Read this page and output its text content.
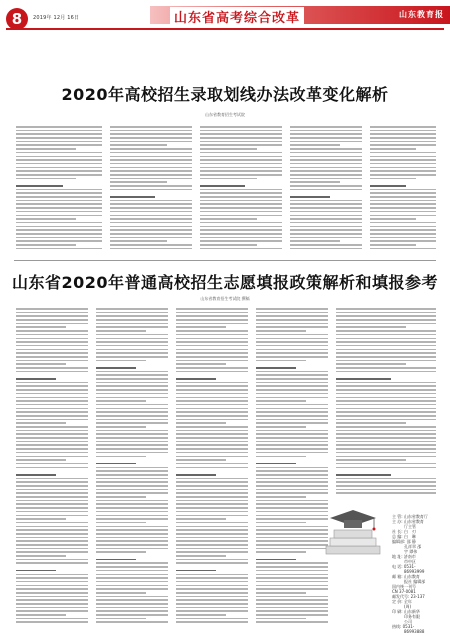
8	2019年 12月 16日	山东省高考综合改革	山东教育报
2020年高校招生录取划线办法改革变化解析
山东省教育招生考试院
山东省2020年普通高校招生志愿填报政策解析和填报参考
山东省教育招生考试院 撰稿
主 管: 山东省教育厅
主 办: 山东省教育
　　　厅主管
社 长: 白　刃
总 编: 白　琳
编辑部: 邵 静
　　　孔祥翠 邵
　　　宇 谭伟
地 址: 济南市
　　　市中区
电 话: 0531-
　　　86993999
邮 箱: 山东教育
　　　报社 编辑部
国内统一刊号
CN 37-0081
邮发代号: 23-137
定 价: 全年
　　　(周)
印 刷: 山东新华
　　　印务有限
　　　公司
热线: 0531-
　　　86993888
